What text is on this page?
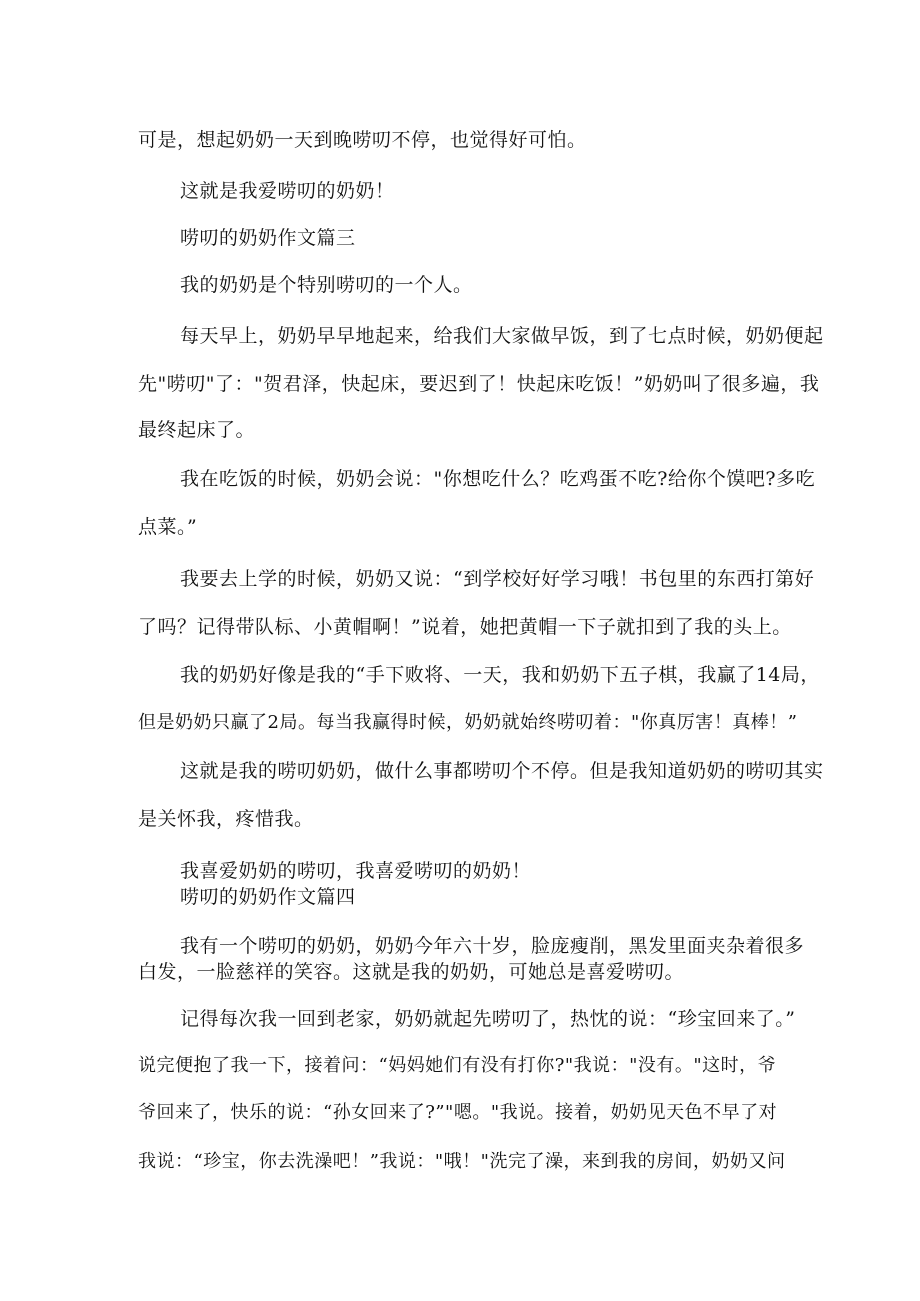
可是，想起奶奶一天到晚唠叨不停，也觉得好可怕。
这就是我爱唠叨的奶奶！
唠叨的奶奶作文篇三
我的奶奶是个特别唠叨的一个人。
每天早上，奶奶早早地起来，给我们大家做早饭，到了七点时候，奶奶便起
先"唠叨"了："贺君泽，快起床，要迟到了！快起床吃饭！”奶奶叫了很多遍，我
最终起床了。
我在吃饭的时候，奶奶会说："你想吃什么？吃鸡蛋不吃?给你个馍吧?多吃
点菜。”
我要去上学的时候，奶奶又说：“到学校好好学习哦！书包里的东西打第好
了吗？记得带队标、小黄帽啊！”说着，她把黄帽一下子就扣到了我的头上。
我的奶奶好像是我的“手下败将、一天，我和奶奶下五子棋，我赢了14局，
但是奶奶只赢了2局。每当我赢得时候，奶奶就始终唠叨着："你真厉害！真棒！”
这就是我的唠叨奶奶，做什么事都唠叨个不停。但是我知道奶奶的唠叨其实
是关怀我，疼惜我。
我喜爱奶奶的唠叨，我喜爱唠叨的奶奶！
唠叨的奶奶作文篇四
我有一个唠叨的奶奶，奶奶今年六十岁，脸庞瘦削，黑发里面夹杂着很多
白发，一脸慈祥的笑容。这就是我的奶奶，可她总是喜爱唠叨。
记得每次我一回到老家，奶奶就起先唠叨了，热忱的说：“珍宝回来了。”
说完便抱了我一下，接着问：“妈妈她们有没有打你?"我说："没有。"这时，爷
爷回来了，快乐的说：“孙女回来了?”"嗯。"我说。接着，奶奶见天色不早了对
我说：“珍宝，你去洗澡吧！”我说："哦！"洗完了澡，来到我的房间，奶奶又问
